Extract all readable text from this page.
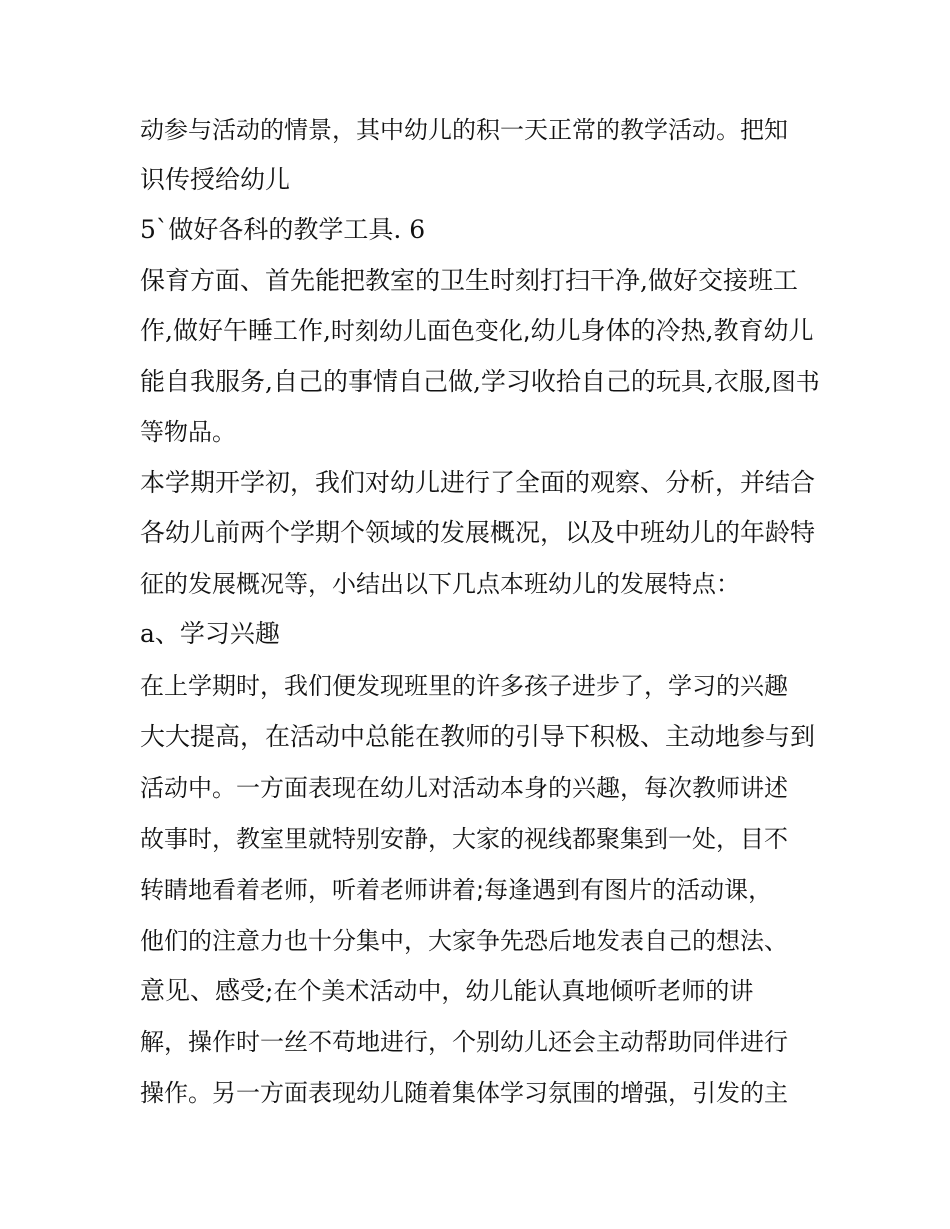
动参与活动的情景，其中幼儿的积一天正常的教学活动。把知
识传授给幼儿
5`做好各科的教学工具. 6
保育方面、首先能把教室的卫生时刻打扫干净,做好交接班工
作,做好午睡工作,时刻幼儿面色变化,幼儿身体的冷热,教育幼儿
能自我服务,自己的事情自己做,学习收拾自己的玩具,衣服,图书
等物品。
本学期开学初，我们对幼儿进行了全面的观察、分析，并结合
各幼儿前两个学期个领域的发展概况，以及中班幼儿的年龄特
征的发展概况等，小结出以下几点本班幼儿的发展特点：
a、学习兴趣
在上学期时，我们便发现班里的许多孩子进步了，学习的兴趣
大大提高，在活动中总能在教师的引导下积极、主动地参与到
活动中。一方面表现在幼儿对活动本身的兴趣，每次教师讲述
故事时，教室里就特别安静，大家的视线都聚集到一处，目不
转睛地看着老师，听着老师讲着;每逢遇到有图片的活动课，
他们的注意力也十分集中，大家争先恐后地发表自己的想法、
意见、感受;在个美术活动中，幼儿能认真地倾听老师的讲
解，操作时一丝不苟地进行，个别幼儿还会主动帮助同伴进行
操作。另一方面表现幼儿随着集体学习氛围的增强，引发的主
